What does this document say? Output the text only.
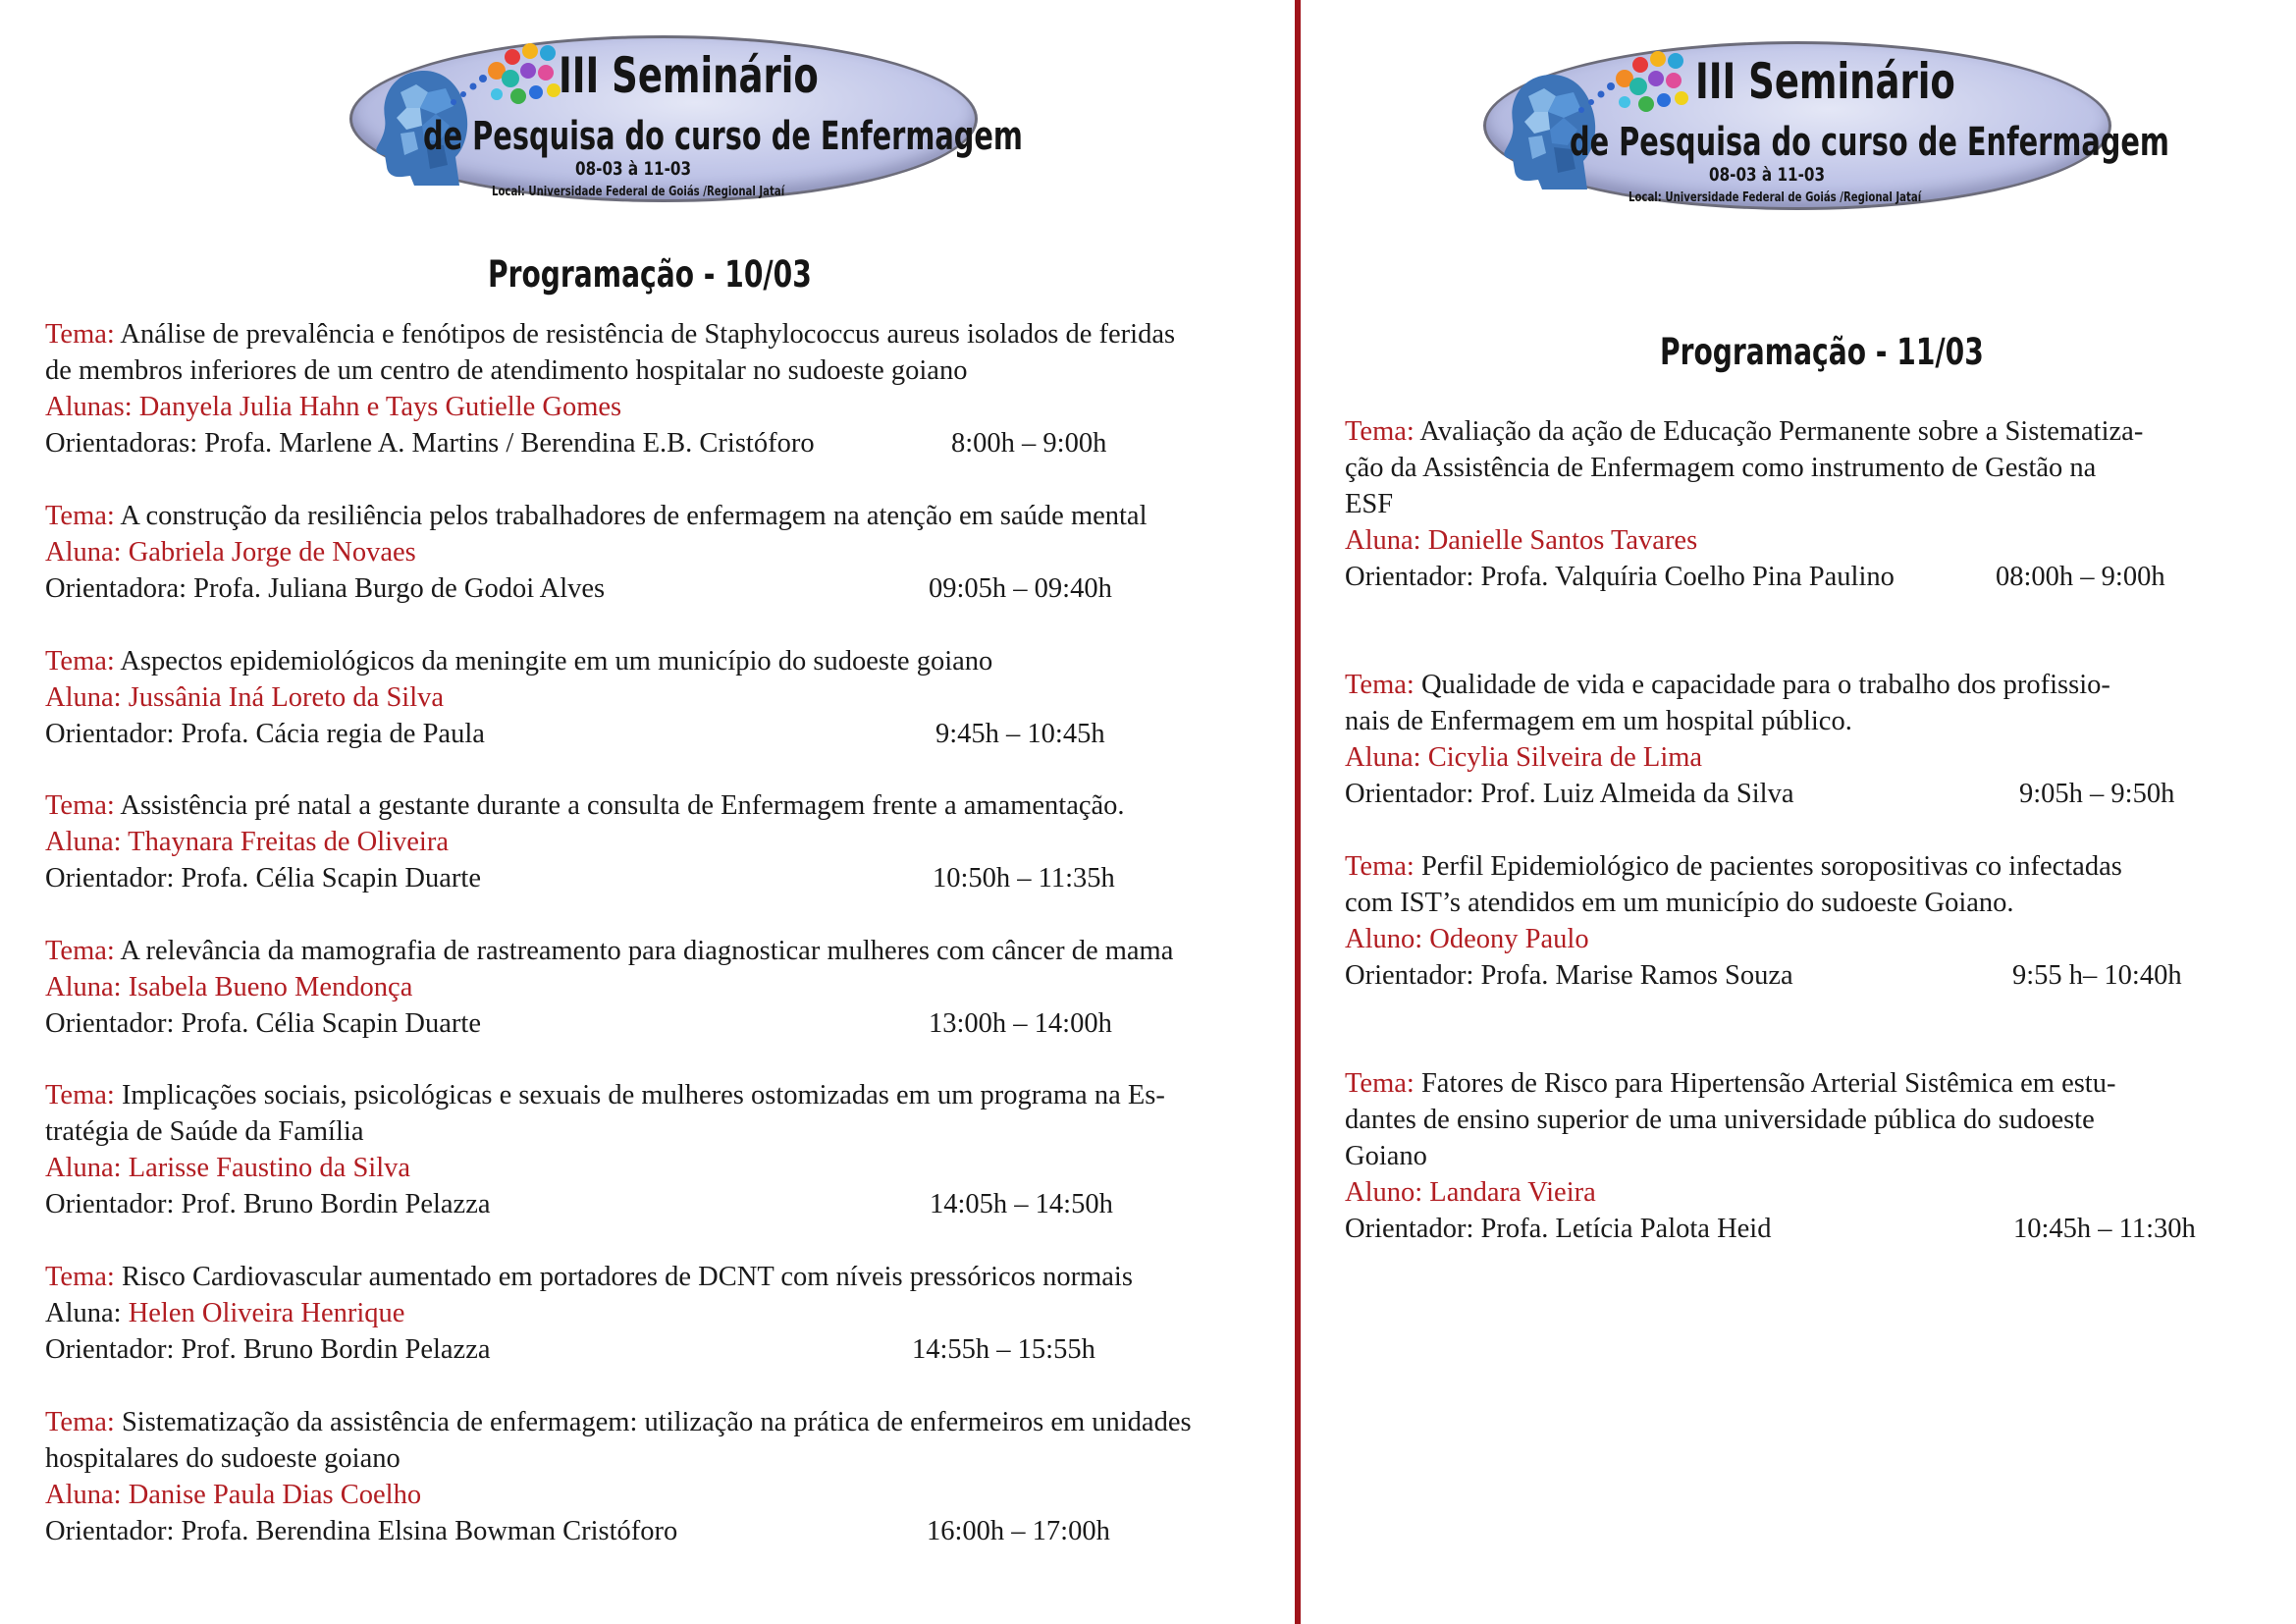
III Seminário
de Pesquisa do curso de Enfermagem
08-03 à 11-03
Local: Universidade Federal de Goiás /Regional Jataí
Programação - 10/03
Tema: Análise de prevalência e fenótipos de resistência de Staphylococcus aureus isolados de feridas
de membros inferiores de um centro de atendimento hospitalar no sudoeste goiano
Alunas: Danyela Julia Hahn e Tays Gutielle Gomes
Orientadoras: Profa. Marlene A. Martins / Berendina E.B. Cristóforo	8:00h – 9:00h
Tema: A construção da resiliência pelos trabalhadores de enfermagem na atenção em saúde mental
Aluna: Gabriela Jorge de Novaes
Orientadora: Profa. Juliana Burgo de Godoi Alves	09:05h – 09:40h
Tema: Aspectos epidemiológicos da meningite em um município do sudoeste goiano
Aluna: Jussânia Iná Loreto da Silva
Orientador: Profa. Cácia regia de Paula	9:45h – 10:45h
Tema: Assistência pré natal a gestante durante a consulta de Enfermagem frente a amamentação.
Aluna: Thaynara Freitas de Oliveira
Orientador: Profa. Célia Scapin Duarte	10:50h – 11:35h
Tema: A relevância da mamografia de rastreamento para diagnosticar mulheres com câncer de mama
Aluna: Isabela Bueno Mendonça
Orientador: Profa. Célia Scapin Duarte	13:00h – 14:00h
Tema: Implicações sociais, psicológicas e sexuais de mulheres ostomizadas em um programa na Es-
tratégia de Saúde da Família
Aluna: Larisse Faustino da Silva
Orientador: Prof. Bruno Bordin Pelazza	14:05h – 14:50h
Tema: Risco Cardiovascular aumentado em portadores de DCNT com níveis pressóricos normais
Aluna: Helen Oliveira Henrique
Orientador: Prof. Bruno Bordin Pelazza	14:55h – 15:55h
Tema: Sistematização da assistência de enfermagem: utilização na prática de enfermeiros em unidades
hospitalares do sudoeste goiano
Aluna: Danise Paula Dias Coelho
Orientador: Profa. Berendina Elsina Bowman Cristóforo	16:00h – 17:00h
III Seminário
de Pesquisa do curso de Enfermagem
08-03 à 11-03
Local: Universidade Federal de Goiás /Regional Jataí
Programação - 11/03
Tema: Avaliação da ação de Educação Permanente sobre a Sistematiza-
ção da Assistência de Enfermagem como instrumento de Gestão na
ESF
Aluna: Danielle Santos Tavares
Orientador: Profa. Valquíria Coelho Pina Paulino	08:00h – 9:00h
Tema: Qualidade de vida e capacidade para o trabalho dos profissio-
nais de Enfermagem em um hospital público.
Aluna: Cicylia Silveira de Lima
Orientador: Prof. Luiz Almeida da Silva	9:05h – 9:50h
Tema: Perfil Epidemiológico de pacientes soropositivas co infectadas
com IST’s atendidos em um município do sudoeste Goiano.
Aluno: Odeony Paulo
Orientador: Profa. Marise Ramos Souza	9:55 h– 10:40h
Tema: Fatores de Risco para Hipertensão Arterial Sistêmica em estu-
dantes de ensino superior de uma universidade pública do sudoeste
Goiano
Aluno: Landara Vieira
Orientador: Profa. Letícia Palota Heid	10:45h – 11:30h
